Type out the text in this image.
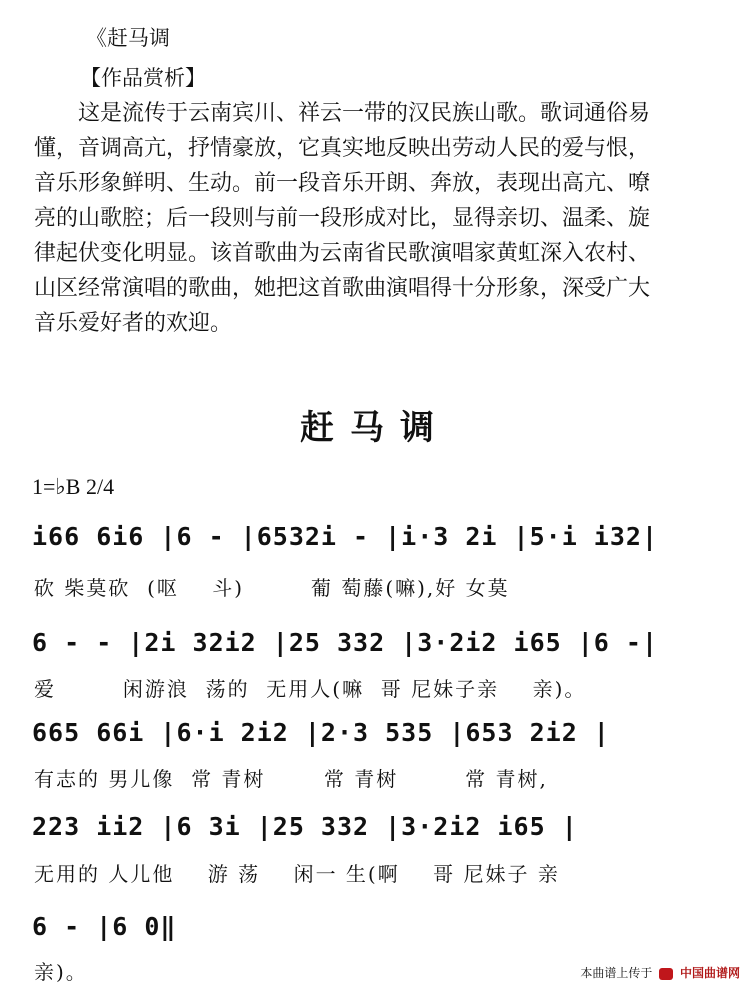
《赶马调
【作品赏析】

　　这是流传于云南宾川、祥云一带的汉民族山歌。歌词通俗易

懂，音调高亢，抒情豪放，它真实地反映出劳动人民的爱与恨，

音乐形象鲜明、生动。前一段音乐开朗、奔放，表现出高亢、嘹

亮的山歌腔；后一段则与前一段形成对比，显得亲切、温柔、旋

律起伏变化明显。该首歌曲为云南省民歌演唱家黄虹深入农村、

山区经常演唱的歌曲，她把这首歌曲演唱得十分形象，深受广大

音乐爱好者的欢迎。

赶马调
1=♭B 2/4
i66 6i6 |6 - |6532i - |i·3 2i |5·i i32|
砍 柴莫砍  (呕    斗)        葡 萄藤(嘛),好 女莫
6 - - |2i 32i2 |25 332 |3·2i2 i65 |6 -|
爱        闲游浪  荡的  无用人(嘛  哥 尼妹子亲    亲)。
665 66i |6·i 2i2 |2·3 535 |653 2i2 |
有志的 男儿像  常 青树       常 青树        常 青树,
223 ii2 |6 3i |25 332 |3·2i2 i65 |
无用的 人儿他    游 荡    闲一 生(啊    哥 尼妹子 亲
6 - |6 0‖
亲)。	本曲谱上传于 中国曲谱网
